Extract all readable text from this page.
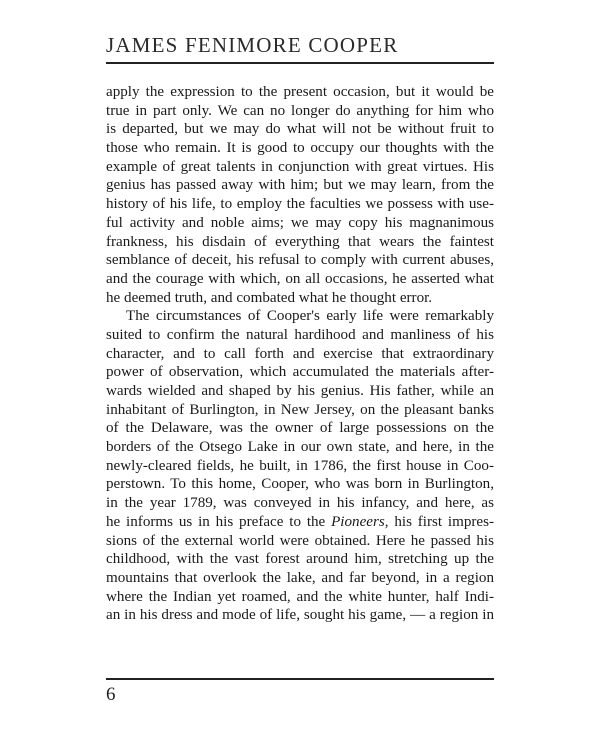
JAMES FENIMORE COOPER
apply the expression to the present occasion, but it would be
true in part only. We can no longer do anything for him who
is departed, but we may do what will not be without fruit to
those who remain. It is good to occupy our thoughts with the
example of great talents in conjunction with great virtues. His
genius has passed away with him; but we may learn, from the
history of his life, to employ the faculties we possess with use-
ful activity and noble aims; we may copy his magnanimous
frankness, his disdain of everything that wears the faintest
semblance of deceit, his refusal to comply with current abuses,
and the courage with which, on all occasions, he asserted what
he deemed truth, and combated what he thought error.
The circumstances of Cooper's early life were remarkably
suited to confirm the natural hardihood and manliness of his
character, and to call forth and exercise that extraordinary
power of observation, which accumulated the materials after-
wards wielded and shaped by his genius. His father, while an
inhabitant of Burlington, in New Jersey, on the pleasant banks
of the Delaware, was the owner of large possessions on the
borders of the Otsego Lake in our own state, and here, in the
newly-cleared fields, he built, in 1786, the first house in Coo-
perstown. To this home, Cooper, who was born in Burlington,
in the year 1789, was conveyed in his infancy, and here, as
he informs us in his preface to the Pioneers, his first impres-
sions of the external world were obtained. Here he passed his
childhood, with the vast forest around him, stretching up the
mountains that overlook the lake, and far beyond, in a region
where the Indian yet roamed, and the white hunter, half Indi-
an in his dress and mode of life, sought his game, — a region in
6
